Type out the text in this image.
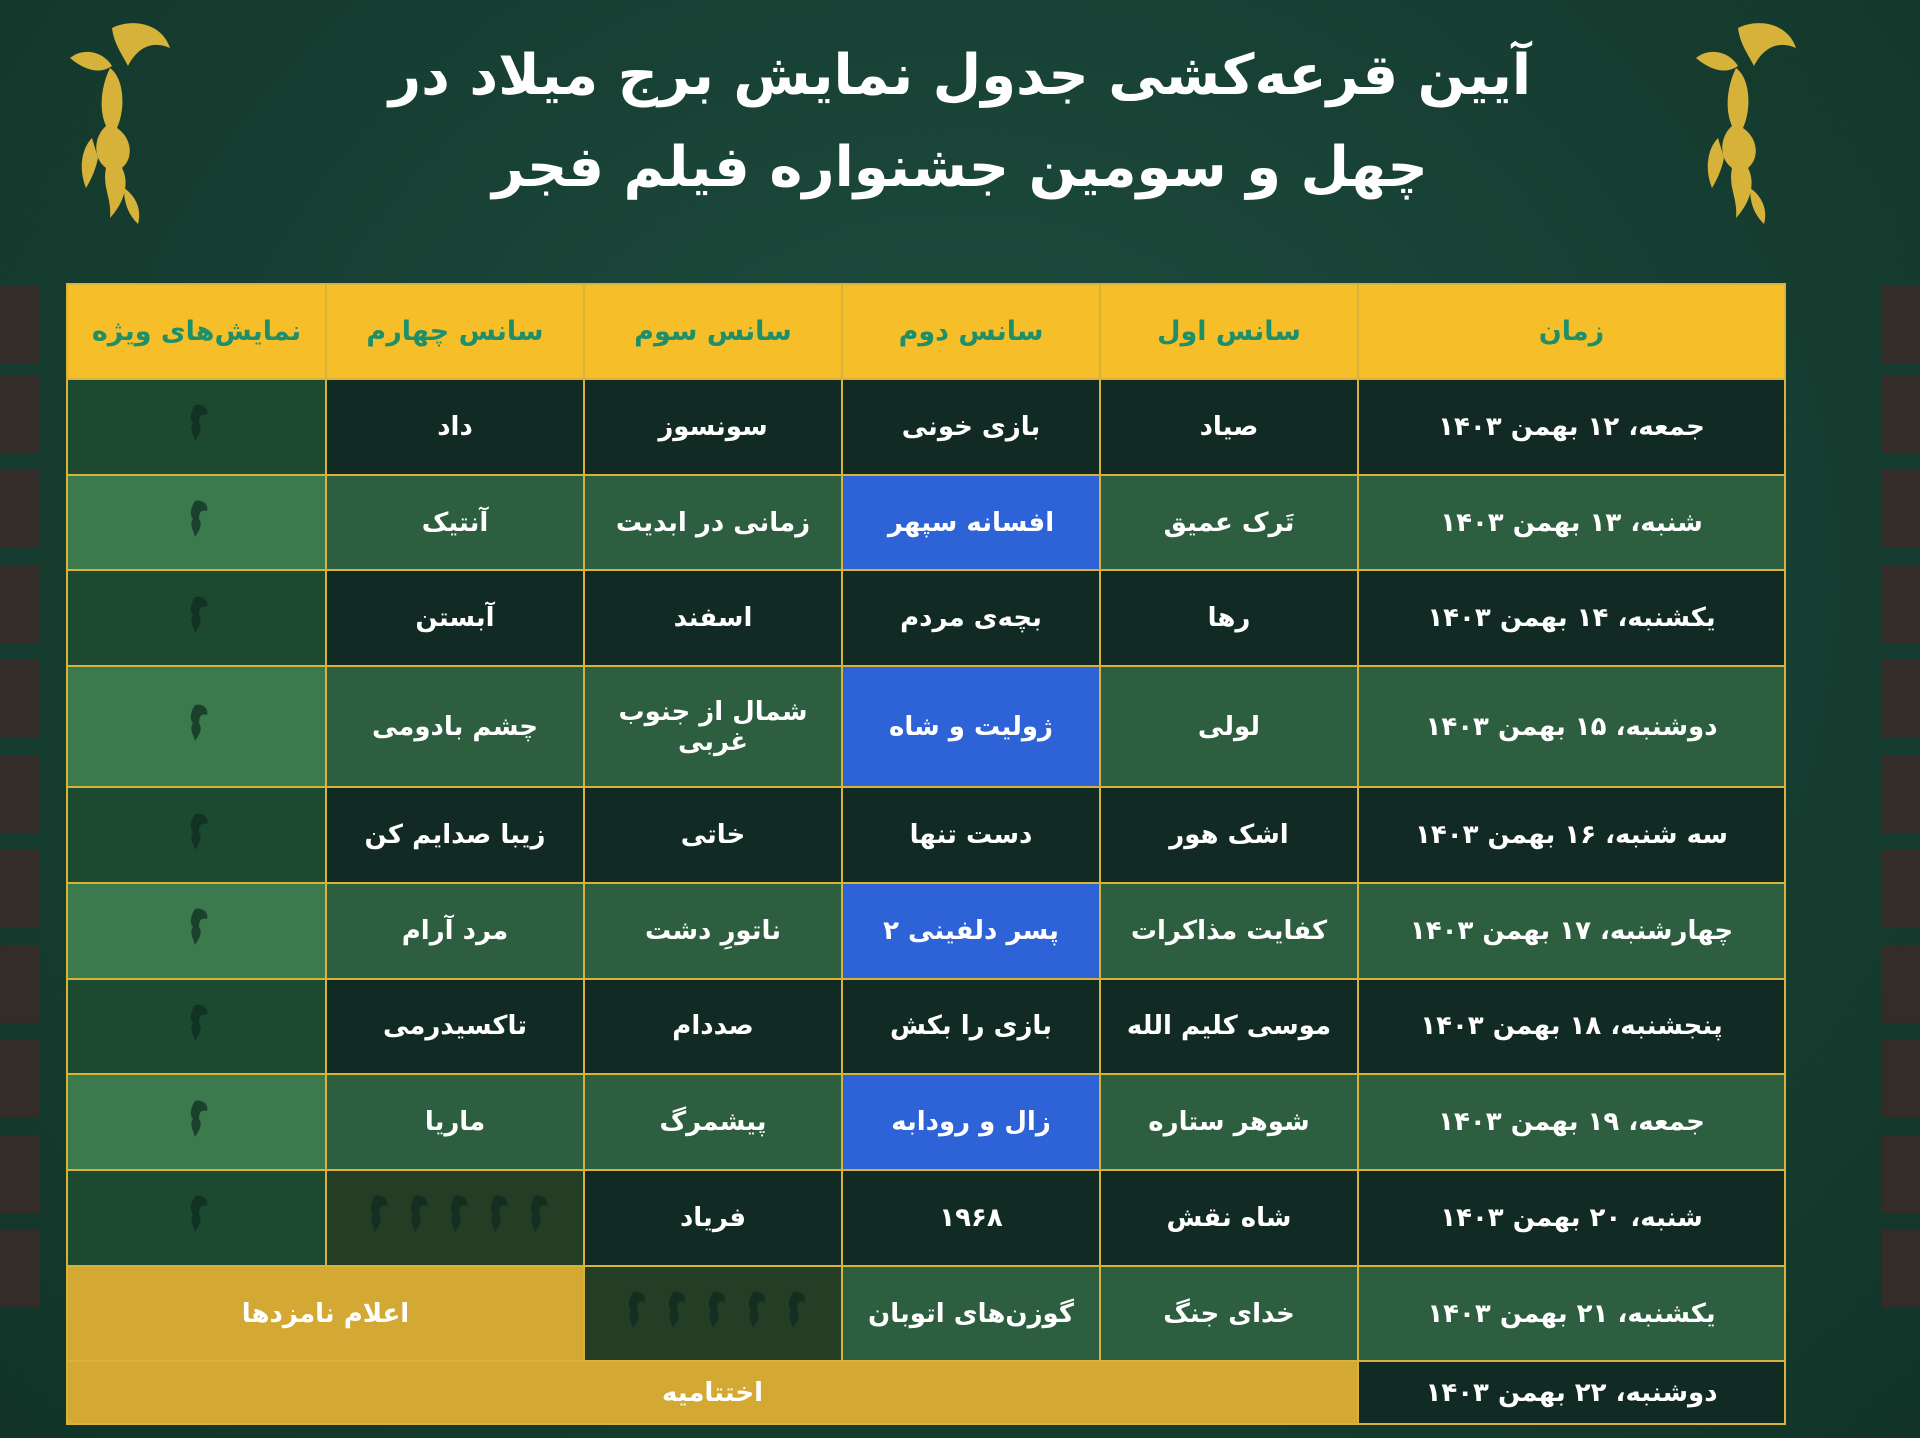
آیین قرعه‌کشی جدول نمایش برج میلاد در
چهل و سومین جشنواره فیلم فجر
زمان	سانس اول	سانس دوم	سانس سوم	سانس چهارم	نمایش‌های ویژه
جمعه، ۱۲ بهمن ۱۴۰۳	صیاد	بازی خونی	سونسوز	داد	
شنبه، ۱۳ بهمن ۱۴۰۳	تَرک عمیق	افسانه سپهر	زمانی در ابدیت	آنتیک	
یکشنبه، ۱۴ بهمن ۱۴۰۳	رها	بچه‌ی مردم	اسفند	آبستن	
دوشنبه، ۱۵ بهمن ۱۴۰۳	لولی	ژولیت و شاه	شمال از جنوب غربی	چشم بادومی	
سه شنبه، ۱۶ بهمن ۱۴۰۳	اشک هور	دست تنها	خاتی	زیبا صدایم کن	
چهارشنبه، ۱۷ بهمن ۱۴۰۳	کفایت مذاکرات	پسر دلفینی ۲	ناتورِ دشت	مرد آرام	
پنجشنبه، ۱۸ بهمن ۱۴۰۳	موسی کلیم الله	بازی را بکش	صددام	تاکسیدرمی	
جمعه، ۱۹ بهمن ۱۴۰۳	شوهر ستاره	زال و رودابه	پیشمرگ	ماریا	
شنبه، ۲۰ بهمن ۱۴۰۳	شاه نقش	۱۹۶۸	فریاد		
یکشنبه، ۲۱ بهمن ۱۴۰۳	خدای جنگ	گوزن‌های اتوبان		اعلام نامزدها	
دوشنبه، ۲۲ بهمن ۱۴۰۳	اختتامیه				
